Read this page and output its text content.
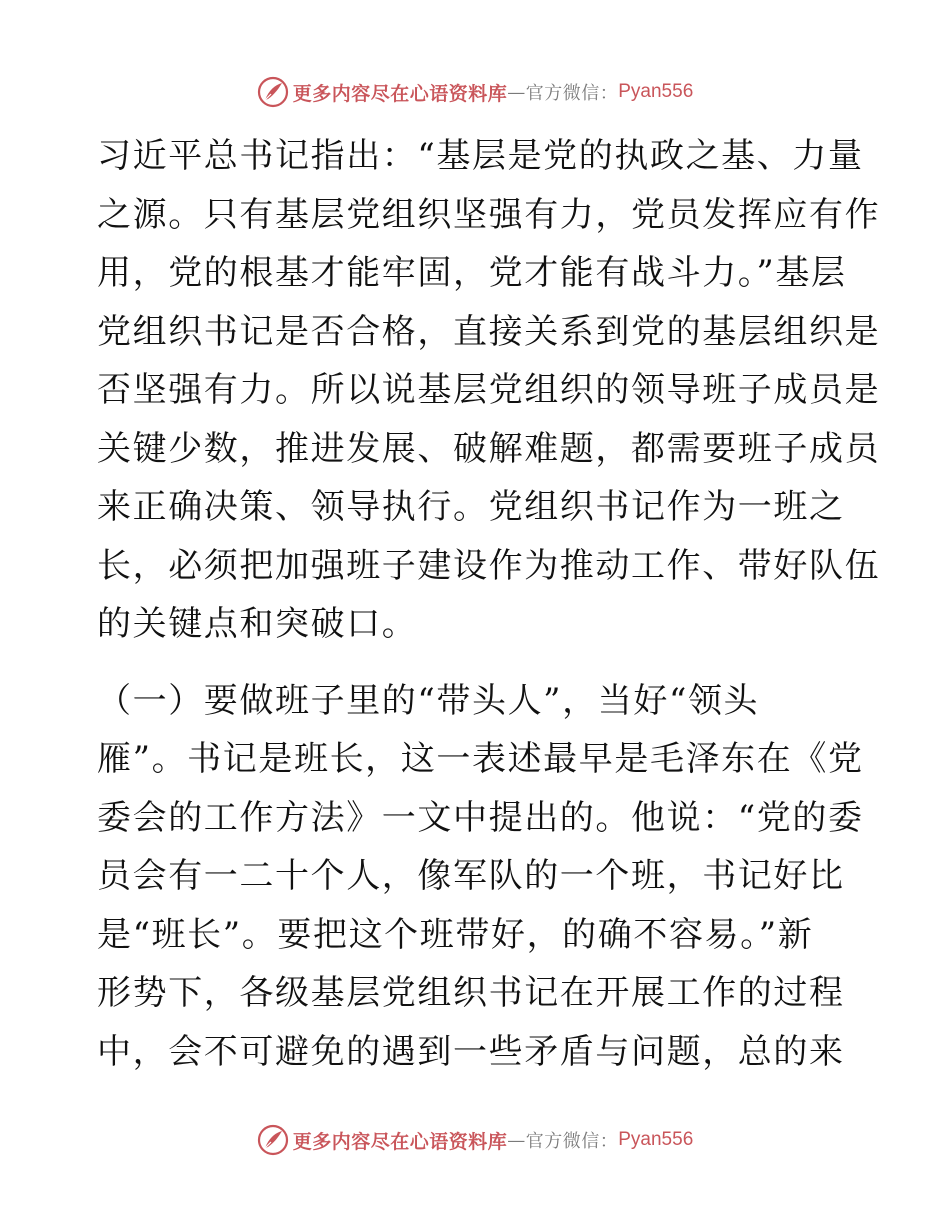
更多内容尽在心语资料库 — 官方微信： Pyan556
习近平总书记指出：“基层是党的执政之基、力量
之源。只有基层党组织坚强有力，党员发挥应有作
用，党的根基才能牢固，党才能有战斗力。”基层
党组织书记是否合格，直接关系到党的基层组织是
否坚强有力。所以说基层党组织的领导班子成员是
关键少数，推进发展、破解难题，都需要班子成员
来正确决策、领导执行。党组织书记作为一班之
长，必须把加强班子建设作为推动工作、带好队伍
的关键点和突破口。
（一）要做班子里的“带头人”，当好“领头
雁”。书记是班长，这一表述最早是毛泽东在《党
委会的工作方法》一文中提出的。他说：“党的委
员会有一二十个人，像军队的一个班，书记好比
是“班长”。要把这个班带好，的确不容易。”新
形势下，各级基层党组织书记在开展工作的过程
中，会不可避免的遇到一些矛盾与问题，总的来
更多内容尽在心语资料库 — 官方微信： Pyan556
